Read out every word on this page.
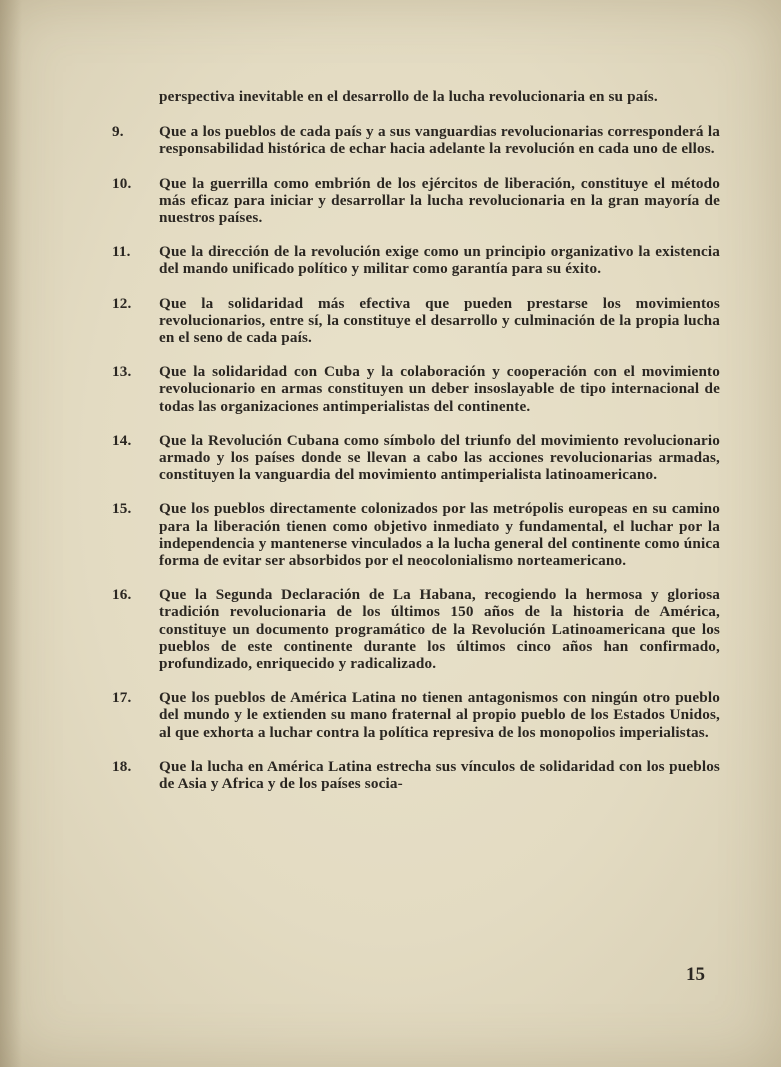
perspectiva inevitable en el desarrollo de la lucha revolucionaria en su país.
9.	Que a los pueblos de cada país y a sus vanguardias revolucionarias corresponderá la responsabilidad histórica de echar hacia adelante la revolución en cada uno de ellos.
10.	Que la guerrilla como embrión de los ejércitos de liberación, constituye el método más eficaz para iniciar y desarrollar la lucha revolucionaria en la gran mayoría de nuestros países.
11.	Que la dirección de la revolución exige como un principio organizativo la existencia del mando unificado político y militar como garantía para su éxito.
12.	Que la solidaridad más efectiva que pueden prestarse los movimientos revolucionarios, entre sí, la constituye el desarrollo y culminación de la propia lucha en el seno de cada país.
13.	Que la solidaridad con Cuba y la colaboración y cooperación con el movimiento revolucionario en armas constituyen un deber insoslayable de tipo internacional de todas las organizaciones antimperialistas del continente.
14.	Que la Revolución Cubana como símbolo del triunfo del movimiento revolucionario armado y los países donde se llevan a cabo las acciones revolucionarias armadas, constituyen la vanguardia del movimiento antimperialista latinoamericano.
15.	Que los pueblos directamente colonizados por las metrópolis europeas en su camino para la liberación tienen como objetivo inmediato y fundamental, el luchar por la independencia y mantenerse vinculados a la lucha general del continente como única forma de evitar ser absorbidos por el neocolonialismo norteamericano.
16.	Que la Segunda Declaración de La Habana, recogiendo la hermosa y gloriosa tradición revolucionaria de los últimos 150 años de la historia de América, constituye un documento programático de la Revolución Latinoamericana que los pueblos de este continente durante los últimos cinco años han confirmado, profundizado, enriquecido y radicalizado.
17.	Que los pueblos de América Latina no tienen antagonismos con ningún otro pueblo del mundo y le extienden su mano fraternal al propio pueblo de los Estados Unidos, al que exhorta a luchar contra la política represiva de los monopolios imperialistas.
18.	Que la lucha en América Latina estrecha sus vínculos de solidaridad con los pueblos de Asia y Africa y de los países socia-
15
